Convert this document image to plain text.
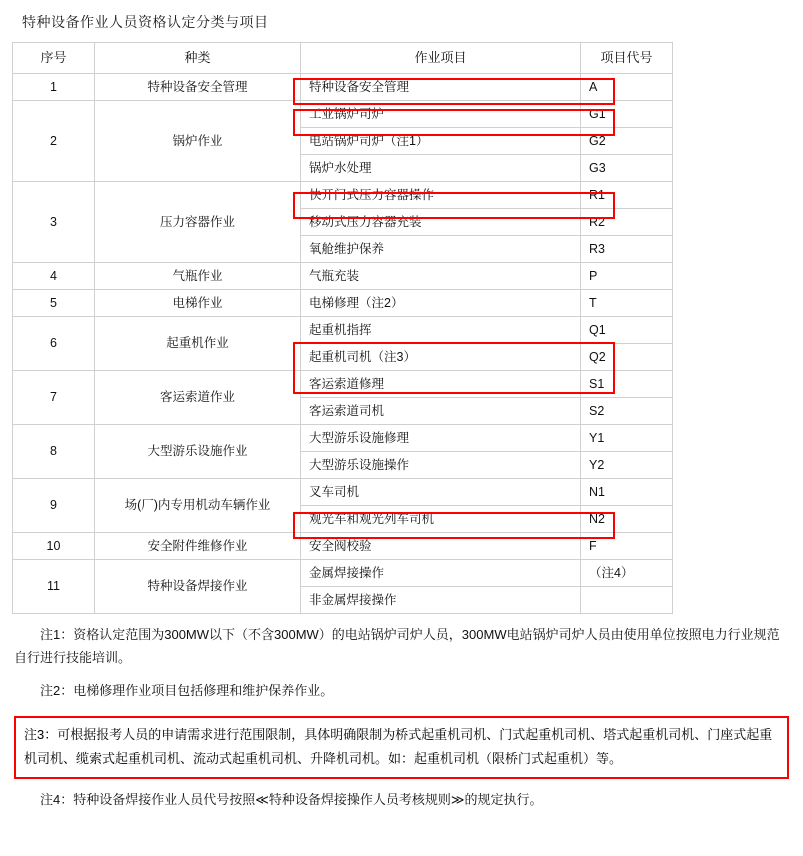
特种设备作业人员资格认定分类与项目
序号	种类	作业项目	项目代号
1	特种设备安全管理	特种设备安全管理	A
2	锅炉作业	工业锅炉司炉	G1
		电站锅炉司炉（注1）	G2
		锅炉水处理	G3
3	压力容器作业	快开门式压力容器操作	R1
		移动式压力容器充装	R2
		氧舱维护保养	R3
4	气瓶作业	气瓶充装	P
5	电梯作业	电梯修理（注2）	T
6	起重机作业	起重机指挥	Q1
		起重机司机（注3）	Q2
7	客运索道作业	客运索道修理	S1
		客运索道司机	S2
8	大型游乐设施作业	大型游乐设施修理	Y1
		大型游乐设施操作	Y2
9	场(厂)内专用机动车辆作业	叉车司机	N1
		观光车和观光列车司机	N2
10	安全附件维修作业	安全阀校验	F
11	特种设备焊接作业	金属焊接操作	（注4）
		非金属焊接操作	

注1：资格认定范围为300MW以下（不含300MW）的电站锅炉司炉人员，300MW电站锅炉司炉人员由使用单位按照电力行业规范自行进行技能培训。

注2：电梯修理作业项目包括修理和维护保养作业。

注3：可根据报考人员的申请需求进行范围限制，具体明确限制为桥式起重机司机、门式起重机司机、塔式起重机司机、门座式起重机司机、缆索式起重机司机、流动式起重机司机、升降机司机。如：起重机司机（限桥门式起重机）等。

注4：特种设备焊接作业人员代号按照≪特种设备焊接操作人员考核规则≫的规定执行。
